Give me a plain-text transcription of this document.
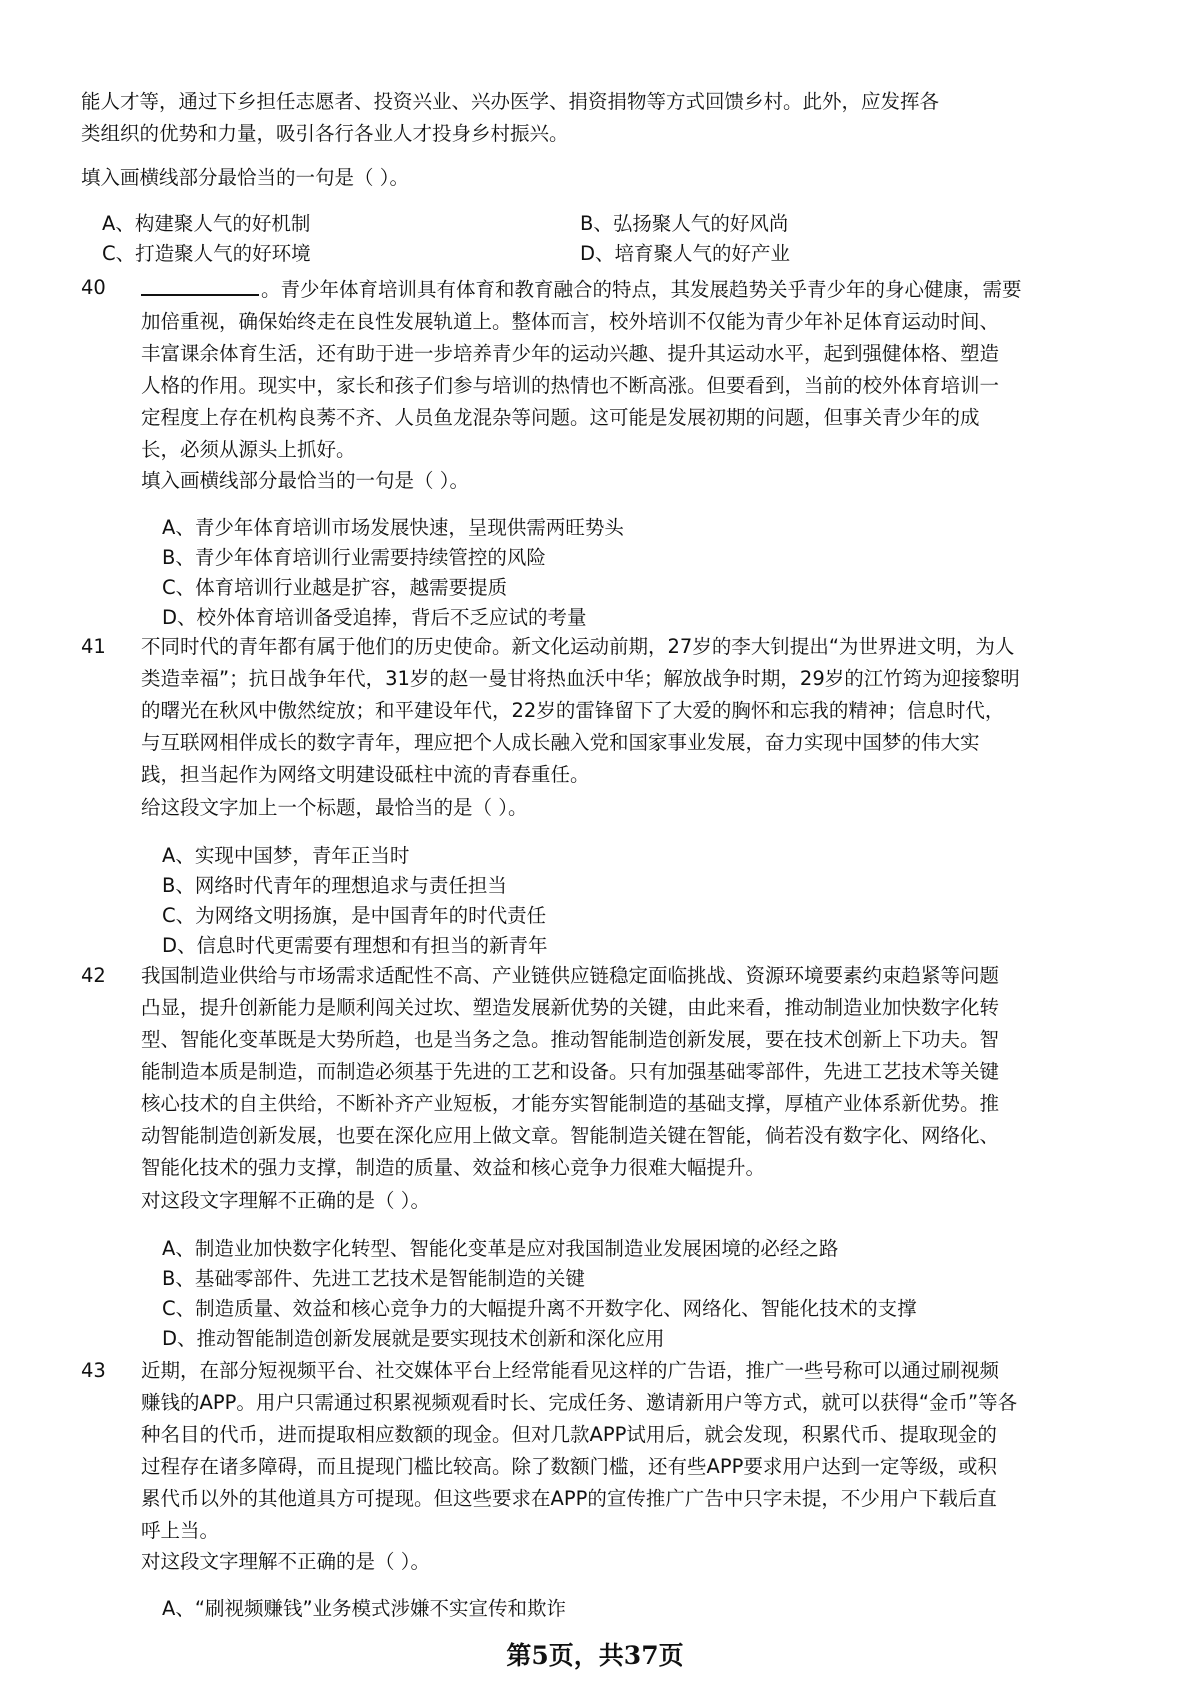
能人才等，通过下乡担任志愿者、投资兴业、兴办医学、捐资捐物等方式回馈乡村。此外，应发挥各
类组织的优势和力量，吸引各行各业人才投身乡村振兴。
填入画横线部分最恰当的一句是（ ）。
A、构建聚人气的好机制	B、弘扬聚人气的好风尚
C、打造聚人气的好环境	D、培育聚人气的好产业
40	。青少年体育培训具有体育和教育融合的特点，其发展趋势关乎青少年的身心健康，需要
加倍重视，确保始终走在良性发展轨道上。整体而言，校外培训不仅能为青少年补足体育运动时间、
丰富课余体育生活，还有助于进一步培养青少年的运动兴趣、提升其运动水平，起到强健体格、塑造
人格的作用。现实中，家长和孩子们参与培训的热情也不断高涨。但要看到，当前的校外体育培训一
定程度上存在机构良莠不齐、人员鱼龙混杂等问题。这可能是发展初期的问题，但事关青少年的成
长，必须从源头上抓好。
填入画横线部分最恰当的一句是（ ）。
A、青少年体育培训市场发展快速，呈现供需两旺势头
B、青少年体育培训行业需要持续管控的风险
C、体育培训行业越是扩容，越需要提质
D、校外体育培训备受追捧，背后不乏应试的考量
41 不同时代的青年都有属于他们的历史使命。新文化运动前期，27岁的李大钊提出“为世界进文明，为人
类造幸福”；抗日战争年代，31岁的赵一曼甘将热血沃中华；解放战争时期，29岁的江竹筠为迎接黎明
的曙光在秋风中傲然绽放；和平建设年代，22岁的雷锋留下了大爱的胸怀和忘我的精神；信息时代，
与互联网相伴成长的数字青年，理应把个人成长融入党和国家事业发展，奋力实现中国梦的伟大实
践，担当起作为网络文明建设砥柱中流的青春重任。
给这段文字加上一个标题，最恰当的是（ ）。
A、实现中国梦，青年正当时
B、网络时代青年的理想追求与责任担当
C、为网络文明扬旗，是中国青年的时代责任
D、信息时代更需要有理想和有担当的新青年
42 我国制造业供给与市场需求适配性不高、产业链供应链稳定面临挑战、资源环境要素约束趋紧等问题
凸显，提升创新能力是顺利闯关过坎、塑造发展新优势的关键，由此来看，推动制造业加快数字化转
型、智能化变革既是大势所趋，也是当务之急。推动智能制造创新发展，要在技术创新上下功夫。智
能制造本质是制造，而制造必须基于先进的工艺和设备。只有加强基础零部件，先进工艺技术等关键
核心技术的自主供给，不断补齐产业短板，才能夯实智能制造的基础支撑，厚植产业体系新优势。推
动智能制造创新发展，也要在深化应用上做文章。智能制造关键在智能，倘若没有数字化、网络化、
智能化技术的强力支撑，制造的质量、效益和核心竞争力很难大幅提升。
对这段文字理解不正确的是（ ）。
A、制造业加快数字化转型、智能化变革是应对我国制造业发展困境的必经之路
B、基础零部件、先进工艺技术是智能制造的关键
C、制造质量、效益和核心竞争力的大幅提升离不开数字化、网络化、智能化技术的支撑
D、推动智能制造创新发展就是要实现技术创新和深化应用
43 近期，在部分短视频平台、社交媒体平台上经常能看见这样的广告语，推广一些号称可以通过刷视频
赚钱的APP。用户只需通过积累视频观看时长、完成任务、邀请新用户等方式，就可以获得“金币”等各
种名目的代币，进而提取相应数额的现金。但对几款APP试用后，就会发现，积累代币、提取现金的
过程存在诸多障碍，而且提现门槛比较高。除了数额门槛，还有些APP要求用户达到一定等级，或积
累代币以外的其他道具方可提现。但这些要求在APP的宣传推广广告中只字未提，不少用户下载后直
呼上当。
对这段文字理解不正确的是（ ）。
A、“刷视频赚钱”业务模式涉嫌不实宣传和欺诈
第5页，共37页
